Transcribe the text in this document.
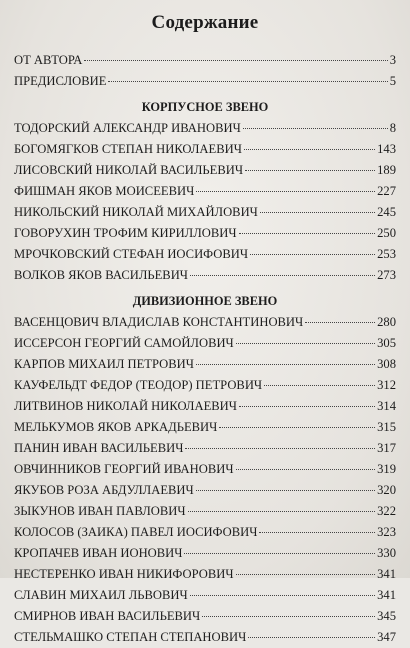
Содержание
ОТ АВТОРА	3
ПРЕДИСЛОВИЕ	5
КОРПУСНОЕ ЗВЕНО
ТОДОРСКИЙ АЛЕКСАНДР ИВАНОВИЧ	8
БОГОМЯГКОВ СТЕПАН НИКОЛАЕВИЧ	143
ЛИСОВСКИЙ НИКОЛАЙ ВАСИЛЬЕВИЧ	189
ФИШМАН ЯКОВ МОИСЕЕВИЧ	227
НИКОЛЬСКИЙ НИКОЛАЙ МИХАЙЛОВИЧ	245
ГОВОРУХИН ТРОФИМ КИРИЛЛОВИЧ	250
МРОЧКОВСКИЙ СТЕФАН ИОСИФОВИЧ	253
ВОЛКОВ ЯКОВ ВАСИЛЬЕВИЧ	273
ДИВИЗИОННОЕ ЗВЕНО
ВАСЕНЦОВИЧ ВЛАДИСЛАВ КОНСТАНТИНОВИЧ	280
ИССЕРСОН ГЕОРГИЙ САМОЙЛОВИЧ	305
КАРПОВ МИХАИЛ ПЕТРОВИЧ	308
КАУФЕЛЬДТ ФЕДОР (ТЕОДОР) ПЕТРОВИЧ	312
ЛИТВИНОВ НИКОЛАЙ НИКОЛАЕВИЧ	314
МЕЛЬКУМОВ ЯКОВ АРКАДЬЕВИЧ	315
ПАНИН ИВАН ВАСИЛЬЕВИЧ	317
ОВЧИННИКОВ ГЕОРГИЙ ИВАНОВИЧ	319
ЯКУБОВ РОЗА АБДУЛЛАЕВИЧ	320
ЗЫКУНОВ ИВАН ПАВЛОВИЧ	322
КОЛОСОВ (ЗАИКА) ПАВЕЛ ИОСИФОВИЧ	323
КРОПАЧЕВ ИВАН ИОНОВИЧ	330
НЕСТЕРЕНКО ИВАН НИКИФОРОВИЧ	341
СЛАВИН МИХАИЛ ЛЬВОВИЧ	341
СМИРНОВ ИВАН ВАСИЛЬЕВИЧ	345
СТЕЛЬМАШКО СТЕПАН СТЕПАНОВИЧ	347
